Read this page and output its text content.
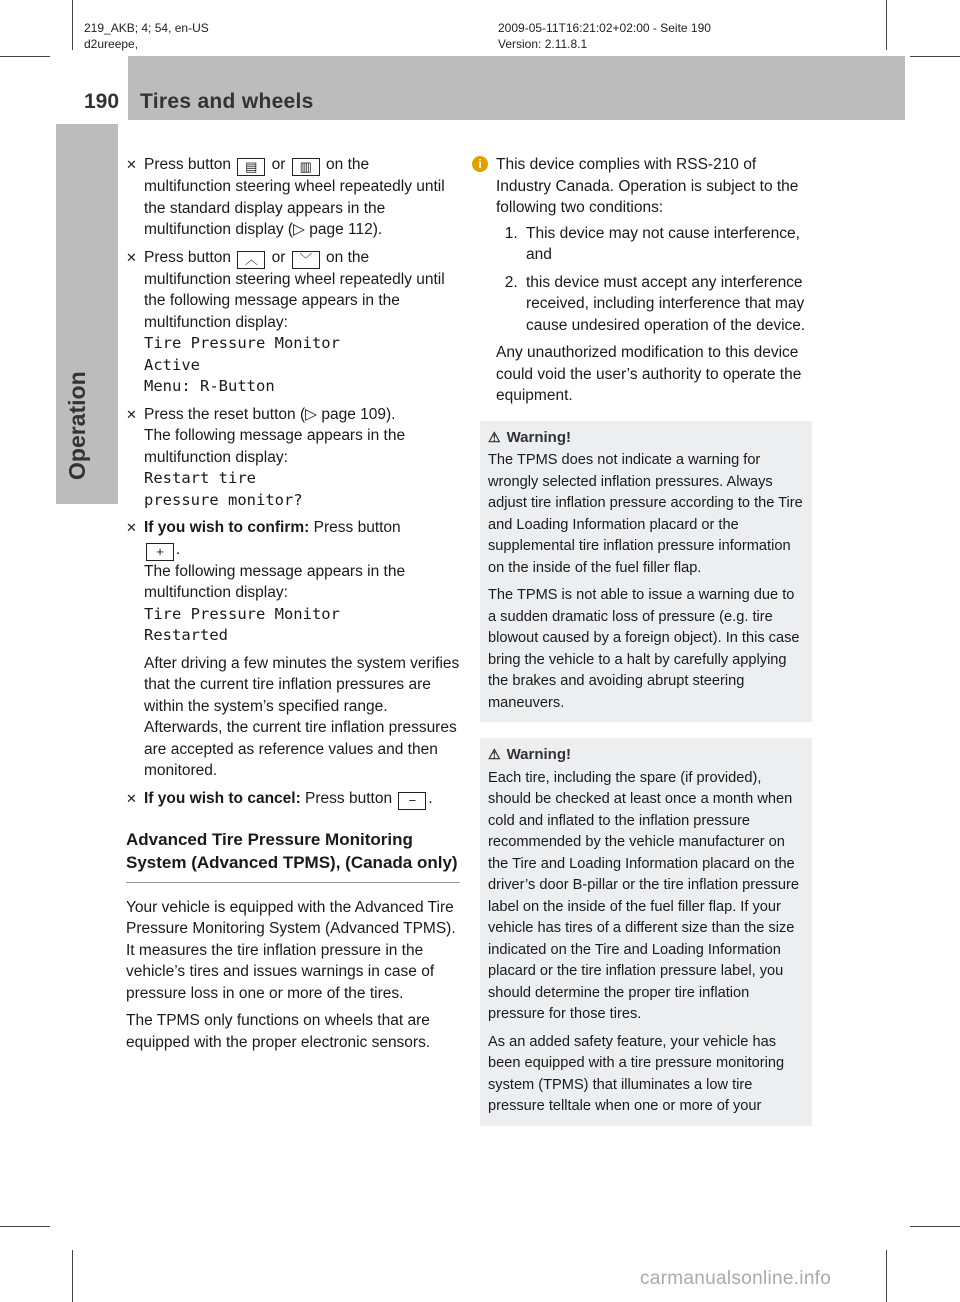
219_AKB; 4; 54, en-US
d2ureepe,
2009-05-11T16:21:02+02:00 - Seite 190
Version: 2.11.8.1
190 Tires and wheels
Operation
✕ Press button ▤ or ▥ on the multifunction steering wheel repeatedly until the standard display appears in the multifunction display (▷ page 112).
✕ Press button ︿ or ﹀ on the multifunction steering wheel repeatedly until the following message appears in the multifunction display:
Tire Pressure Monitor
Active
Menu: R-Button
✕ Press the reset button (▷ page 109).
The following message appears in the multifunction display:
Restart tire
pressure monitor?
✕ If you wish to confirm: Press button
+ .
The following message appears in the multifunction display:
Tire Pressure Monitor
Restarted
After driving a few minutes the system verifies that the current tire inflation pressures are within the system’s specified range. Afterwards, the current tire inflation pressures are accepted as reference values and then monitored.
✕ If you wish to cancel: Press button − .
Advanced Tire Pressure Monitoring System (Advanced TPMS), (Canada only)
Your vehicle is equipped with the Advanced Tire Pressure Monitoring System (Advanced TPMS). It measures the tire inflation pressure in the vehicle’s tires and issues warnings in case of pressure loss in one or more of the tires.
The TPMS only functions on wheels that are equipped with the proper electronic sensors.
i This device complies with RSS-210 of Industry Canada. Operation is subject to the following two conditions:
1. This device may not cause interference, and
2. this device must accept any interference received, including interference that may cause undesired operation of the device.
Any unauthorized modification to this device could void the user’s authority to operate the equipment.
⚠ Warning!

The TPMS does not indicate a warning for wrongly selected inflation pressures. Always adjust tire inflation pressure according to the Tire and Loading Information placard or the supplemental tire inflation pressure information on the inside of the fuel filler flap.

The TPMS is not able to issue a warning due to a sudden dramatic loss of pressure (e.g. tire blowout caused by a foreign object). In this case bring the vehicle to a halt by carefully applying the brakes and avoiding abrupt steering maneuvers.

⚠ Warning!

Each tire, including the spare (if provided), should be checked at least once a month when cold and inflated to the inflation pressure recommended by the vehicle manufacturer on the Tire and Loading Information placard on the driver’s door B-pillar or the tire inflation pressure label on the inside of the fuel filler flap. If your vehicle has tires of a different size than the size indicated on the Tire and Loading Information placard or the tire inflation pressure label, you should determine the proper tire inflation pressure for those tires.

As an added safety feature, your vehicle has been equipped with a tire pressure monitoring system (TPMS) that illuminates a low tire pressure telltale when one or more of your

carmanualsonline.info
